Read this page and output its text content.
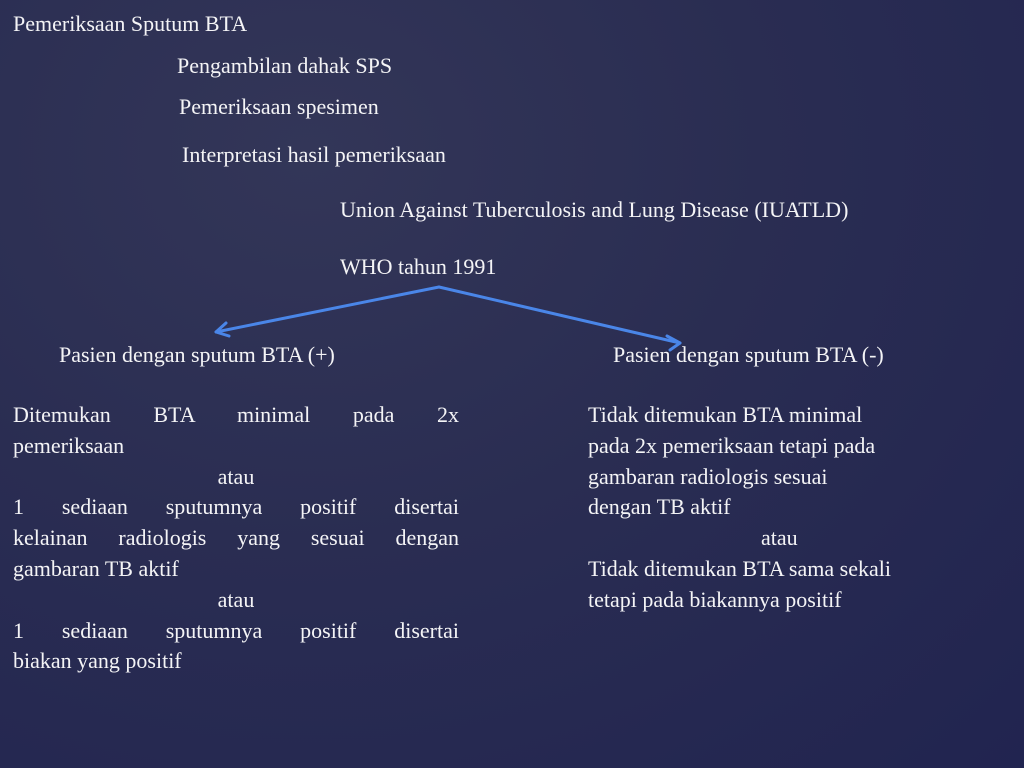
Pemeriksaan Sputum BTA
Pengambilan dahak SPS
Pemeriksaan spesimen
Interpretasi hasil pemeriksaan
Union Against Tuberculosis and Lung Disease (IUATLD)
WHO tahun 1991
Pasien dengan sputum BTA (+)	Pasien dengan sputum BTA (-)
Ditemukan BTA minimal pada 2x
pemeriksaan
atau
1 sediaan sputumnya positif disertai
kelainan radiologis yang sesuai dengan
gambaran TB aktif
atau
1 sediaan sputumnya positif disertai
biakan yang positif
Tidak ditemukan BTA minimal
pada 2x pemeriksaan tetapi pada
gambaran radiologis sesuai
dengan TB aktif
atau
Tidak ditemukan BTA sama sekali
tetapi pada biakannya positif
